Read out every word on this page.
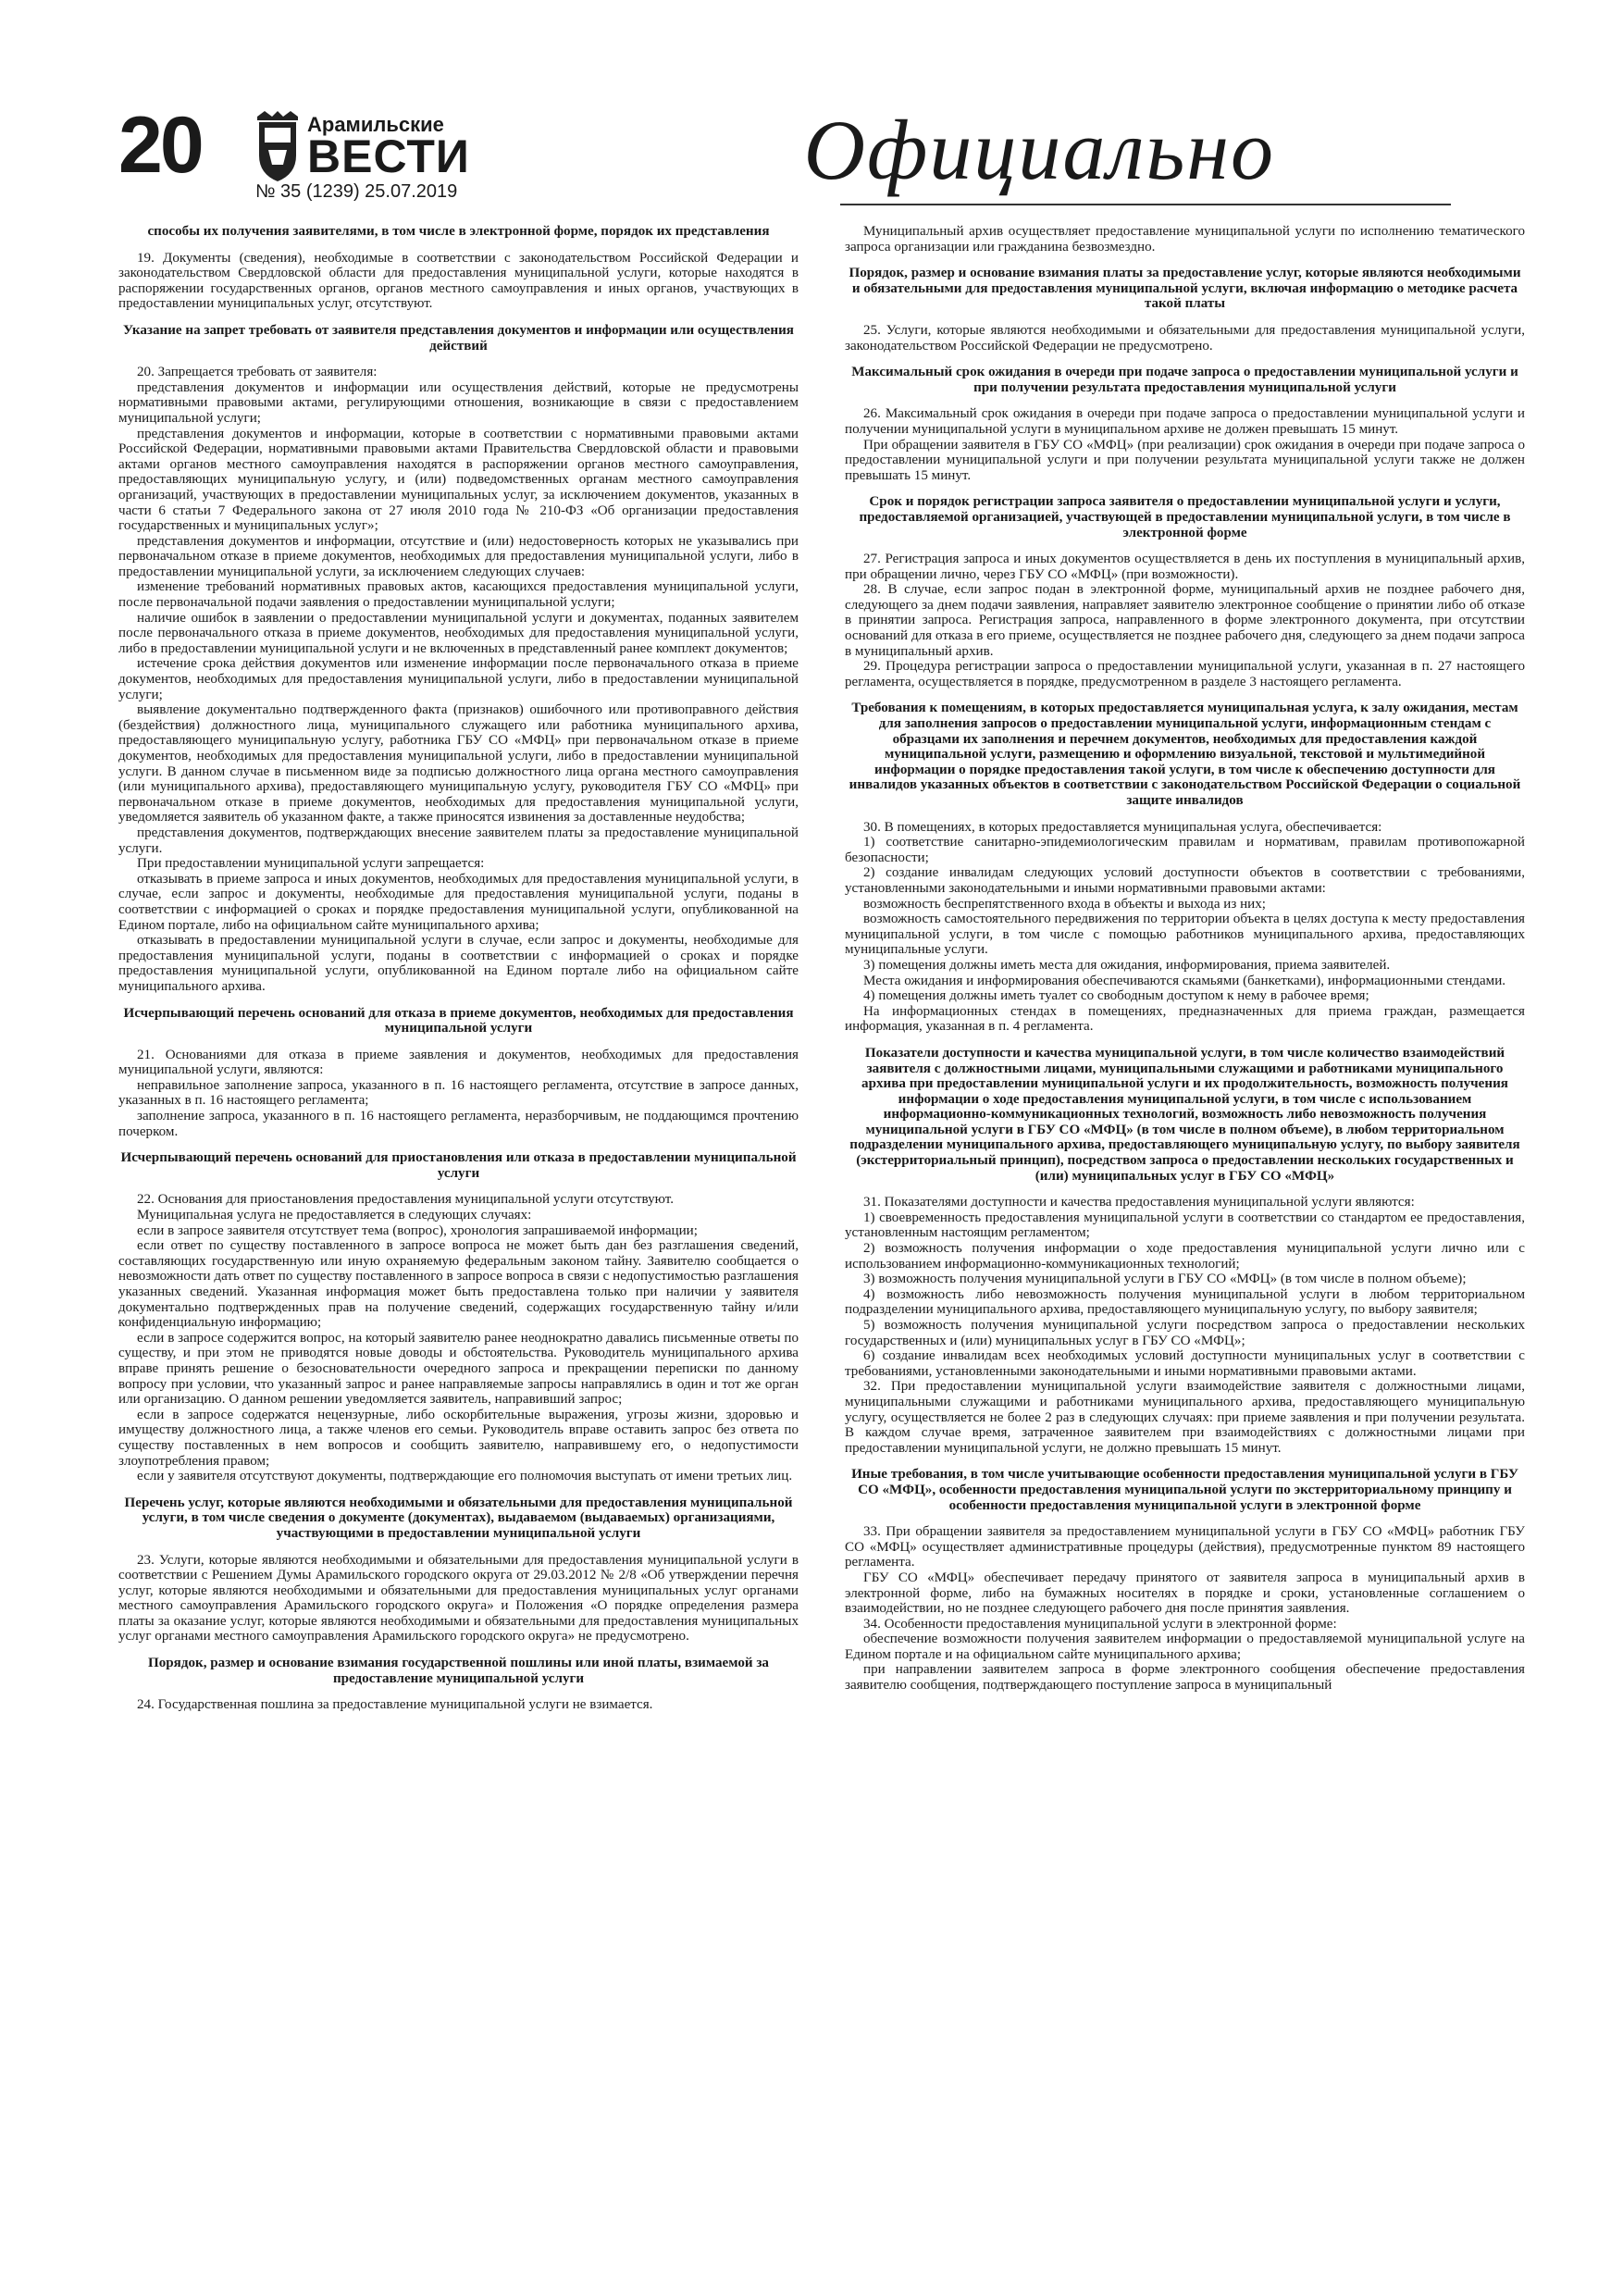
20	Арамильские
ВЕСТИ
№ 35 (1239) 25.07.2019	Официально
способы их получения заявителями, в том числе в электронной форме, порядок их представления

19. Документы (сведения), необходимые в соответствии с законодательством Российской Федерации и законодательством Свердловской области для предоставления муниципальной услуги, которые находятся в распоряжении государственных органов, органов местного самоуправления и иных органов, участвующих в предоставлении муниципальных услуг, отсутствуют.

Указание на запрет требовать от заявителя представления документов и информации или осуществления действий

20. Запрещается требовать от заявителя:

представления документов и информации или осуществления действий, которые не предусмотрены нормативными правовыми актами, регулирующими отношения, возникающие в связи с предоставлением муниципальной услуги;

представления документов и информации, которые в соответствии с нормативными правовыми актами Российской Федерации, нормативными правовыми актами Правительства Свердловской области и правовыми актами органов местного самоуправления находятся в распоряжении органов местного самоуправления, предоставляющих муниципальную услугу, и (или) подведомственных органам местного самоуправления организаций, участвующих в предоставлении муниципальных услуг, за исключением документов, указанных в части 6 статьи 7 Федерального закона от 27 июля 2010 года № 210-ФЗ «Об организации предоставления государственных и муниципальных услуг»;

представления документов и информации, отсутствие и (или) недостоверность которых не указывались при первоначальном отказе в приеме документов, необходимых для предоставления муниципальной услуги, либо в предоставлении муниципальной услуги, за исключением следующих случаев:

изменение требований нормативных правовых актов, касающихся предоставления муниципальной услуги, после первоначальной подачи заявления о предоставлении муниципальной услуги;

наличие ошибок в заявлении о предоставлении муниципальной услуги и документах, поданных заявителем после первоначального отказа в приеме документов, необходимых для предоставления муниципальной услуги, либо в предоставлении муниципальной услуги и не включенных в представленный ранее комплект документов;

истечение срока действия документов или изменение информации после первоначального отказа в приеме документов, необходимых для предоставления муниципальной услуги, либо в предоставлении муниципальной услуги;

выявление документально подтвержденного факта (признаков) ошибочного или противоправного действия (бездействия) должностного лица, муниципального служащего или работника муниципального архива, предоставляющего муниципальную услугу, работника ГБУ СО «МФЦ» при первоначальном отказе в приеме документов, необходимых для предоставления муниципальной услуги, либо в предоставлении муниципальной услуги. В данном случае в письменном виде за подписью должностного лица органа местного самоуправления (или муниципального архива), предоставляющего муниципальную услугу, руководителя ГБУ СО «МФЦ» при первоначальном отказе в приеме документов, необходимых для предоставления муниципальной услуги, уведомляется заявитель об указанном факте, а также приносятся извинения за доставленные неудобства;

представления документов, подтверждающих внесение заявителем платы за предоставление муниципальной услуги.

При предоставлении муниципальной услуги запрещается:

отказывать в приеме запроса и иных документов, необходимых для предоставления муниципальной услуги, в случае, если запрос и документы, необходимые для предоставления муниципальной услуги, поданы в соответствии с информацией о сроках и порядке предоставления муниципальной услуги, опубликованной на Едином портале, либо на официальном сайте муниципального архива;

отказывать в предоставлении муниципальной услуги в случае, если запрос и документы, необходимые для предоставления муниципальной услуги, поданы в соответствии с информацией о сроках и порядке предоставления муниципальной услуги, опубликованной на Едином портале либо на официальном сайте муниципального архива.

Исчерпывающий перечень оснований для отказа в приеме документов, необходимых для предоставления муниципальной услуги

21. Основаниями для отказа в приеме заявления и документов, необходимых для предоставления муниципальной услуги, являются:

неправильное заполнение запроса, указанного в п. 16 настоящего регламента, отсутствие в запросе данных, указанных в п. 16 настоящего регламента;

заполнение запроса, указанного в п. 16 настоящего регламента, неразборчивым, не поддающимся прочтению почерком.

Исчерпывающий перечень оснований для приостановления или отказа в предоставлении муниципальной услуги

22. Основания для приостановления предоставления муниципальной услуги отсутствуют.

Муниципальная услуга не предоставляется в следующих случаях:

если в запросе заявителя отсутствует тема (вопрос), хронология запрашиваемой информации;

если ответ по существу поставленного в запросе вопроса не может быть дан без разглашения сведений, составляющих государственную или иную охраняемую федеральным законом тайну. Заявителю сообщается о невозможности дать ответ по существу поставленного в запросе вопроса в связи с недопустимостью разглашения указанных сведений. Указанная информация может быть предоставлена только при наличии у заявителя документально подтвержденных прав на получение сведений, содержащих государственную тайну и/или конфиденциальную информацию;

если в запросе содержится вопрос, на который заявителю ранее неоднократно давались письменные ответы по существу, и при этом не приводятся новые доводы и обстоятельства. Руководитель муниципального архива вправе принять решение о безосновательности очередного запроса и прекращении переписки по данному вопросу при условии, что указанный запрос и ранее направляемые запросы направлялись в один и тот же орган или организацию. О данном решении уведомляется заявитель, направивший запрос;

если в запросе содержатся нецензурные, либо оскорбительные выражения, угрозы жизни, здоровью и имуществу должностного лица, а также членов его семьи. Руководитель вправе оставить запрос без ответа по существу поставленных в нем вопросов и сообщить заявителю, направившему его, о недопустимости злоупотребления правом;

если у заявителя отсутствуют документы, подтверждающие его полномочия выступать от имени третьих лиц.

Перечень услуг, которые являются необходимыми и обязательными для предоставления муниципальной услуги, в том числе сведения о документе (документах), выдаваемом (выдаваемых) организациями, участвующими в предоставлении муниципальной услуги

23. Услуги, которые являются необходимыми и обязательными для предоставления муниципальной услуги в соответствии с Решением Думы Арамильского городского округа от 29.03.2012 № 2/8 «Об утверждении перечня услуг, которые являются необходимыми и обязательными для предоставления муниципальных услуг органами местного самоуправления Арамильского городского округа» и Положения «О порядке определения размера платы за оказание услуг, которые являются необходимыми и обязательными для предоставления муниципальных услуг органами местного самоуправления Арамильского городского округа» не предусмотрено.

Порядок, размер и основание взимания государственной пошлины или иной платы, взимаемой за предоставление муниципальной услуги

24. Государственная пошлина за предоставление муниципальной услуги не взимается.

Муниципальный архив осуществляет предоставление муниципальной услуги по исполнению тематического запроса организации или гражданина безвозмездно.

Порядок, размер и основание взимания платы за предоставление услуг, которые являются необходимыми и обязательными для предоставления муниципальной услуги, включая информацию о методике расчета такой платы

25. Услуги, которые являются необходимыми и обязательными для предоставления муниципальной услуги, законодательством Российской Федерации не предусмотрено.

Максимальный срок ожидания в очереди при подаче запроса о предоставлении муниципальной услуги и при получении результата предоставления муниципальной услуги

26. Максимальный срок ожидания в очереди при подаче запроса о предоставлении муниципальной услуги и получении муниципальной услуги в муниципальном архиве не должен превышать 15 минут.

При обращении заявителя в ГБУ СО «МФЦ» (при реализации) срок ожидания в очереди при подаче запроса о предоставлении муниципальной услуги и при получении результата муниципальной услуги также не должен превышать 15 минут.

Срок и порядок регистрации запроса заявителя о предоставлении муниципальной услуги и услуги, предоставляемой организацией, участвующей в предоставлении муниципальной услуги, в том числе в электронной форме

27. Регистрация запроса и иных документов осуществляется в день их поступления в муниципальный архив, при обращении лично, через ГБУ СО «МФЦ» (при возможности).

28. В случае, если запрос подан в электронной форме, муниципальный архив не позднее рабочего дня, следующего за днем подачи заявления, направляет заявителю электронное сообщение о принятии либо об отказе в принятии запроса. Регистрация запроса, направленного в форме электронного документа, при отсутствии оснований для отказа в его приеме, осуществляется не позднее рабочего дня, следующего за днем подачи запроса в муниципальный архив.

29. Процедура регистрации запроса о предоставлении муниципальной услуги, указанная в п. 27 настоящего регламента, осуществляется в порядке, предусмотренном в разделе 3 настоящего регламента.

Требования к помещениям, в которых предоставляется муниципальная услуга, к залу ожидания, местам для заполнения запросов о предоставлении муниципальной услуги, информационным стендам с образцами их заполнения и перечнем документов, необходимых для предоставления каждой муниципальной услуги, размещению и оформлению визуальной, текстовой и мультимедийной информации о порядке предоставления такой услуги, в том числе к обеспечению доступности для инвалидов указанных объектов в соответствии с законодательством Российской Федерации о социальной защите инвалидов

30. В помещениях, в которых предоставляется муниципальная услуга, обеспечивается:

1) соответствие санитарно-эпидемиологическим правилам и нормативам, правилам противопожарной безопасности;

2) создание инвалидам следующих условий доступности объектов в соответствии с требованиями, установленными законодательными и иными нормативными правовыми актами:

возможность беспрепятственного входа в объекты и выхода из них;

возможность самостоятельного передвижения по территории объекта в целях доступа к месту предоставления муниципальной услуги, в том числе с помощью работников муниципального архива, предоставляющих муниципальные услуги.

3) помещения должны иметь места для ожидания, информирования, приема заявителей.

Места ожидания и информирования обеспечиваются скамьями (банкетками), информационными стендами.

4) помещения должны иметь туалет со свободным доступом к нему в рабочее время;

На информационных стендах в помещениях, предназначенных для приема граждан, размещается информация, указанная в п. 4 регламента.

Показатели доступности и качества муниципальной услуги, в том числе количество взаимодействий заявителя с должностными лицами, муниципальными служащими и работниками муниципального архива при предоставлении муниципальной услуги и их продолжительность, возможность получения информации о ходе предоставления муниципальной услуги, в том числе с использованием информационно-коммуникационных технологий, возможность либо невозможность получения муниципальной услуги в ГБУ СО «МФЦ» (в том числе в полном объеме), в любом территориальном подразделении муниципального архива, предоставляющего муниципальную услугу, по выбору заявителя (экстерриториальный принцип), посредством запроса о предоставлении нескольких государственных и (или) муниципальных услуг в ГБУ СО «МФЦ»

31. Показателями доступности и качества предоставления муниципальной услуги являются:

1) своевременность предоставления муниципальной услуги в соответствии со стандартом ее предоставления, установленным настоящим регламентом;

2) возможность получения информации о ходе предоставления муниципальной услуги лично или с использованием информационно-коммуникационных технологий;

3) возможность получения муниципальной услуги в ГБУ СО «МФЦ» (в том числе в полном объеме);

4) возможность либо невозможность получения муниципальной услуги в любом территориальном подразделении муниципального архива, предоставляющего муниципальную услугу, по выбору заявителя;

5) возможность получения муниципальной услуги посредством запроса о предоставлении нескольких государственных и (или) муниципальных услуг в ГБУ СО «МФЦ»;

6) создание инвалидам всех необходимых условий доступности муниципальных услуг в соответствии с требованиями, установленными законодательными и иными нормативными правовыми актами.

32. При предоставлении муниципальной услуги взаимодействие заявителя с должностными лицами, муниципальными служащими и работниками муниципального архива, предоставляющего муниципальную услугу, осуществляется не более 2 раз в следующих случаях: при приеме заявления и при получении результата. В каждом случае время, затраченное заявителем при взаимодействиях с должностными лицами при предоставлении муниципальной услуги, не должно превышать 15 минут.

Иные требования, в том числе учитывающие особенности предоставления муниципальной услуги в ГБУ СО «МФЦ», особенности предоставления муниципальной услуги по экстерриториальному принципу и особенности предоставления муниципальной услуги в электронной форме

33. При обращении заявителя за предоставлением муниципальной услуги в ГБУ СО «МФЦ» работник ГБУ СО «МФЦ» осуществляет административные процедуры (действия), предусмотренные пунктом 89 настоящего регламента.

ГБУ СО «МФЦ» обеспечивает передачу принятого от заявителя запроса в муниципальный архив в электронной форме, либо на бумажных носителях в порядке и сроки, установленные соглашением о взаимодействии, но не позднее следующего рабочего дня после принятия заявления.

34. Особенности предоставления муниципальной услуги в электронной форме:

обеспечение возможности получения заявителем информации о предоставляемой муниципальной услуге на Едином портале и на официальном сайте муниципального архива;

при направлении заявителем запроса в форме электронного сообщения обеспечение предоставления заявителю сообщения, подтверждающего поступление запроса в муниципальный
